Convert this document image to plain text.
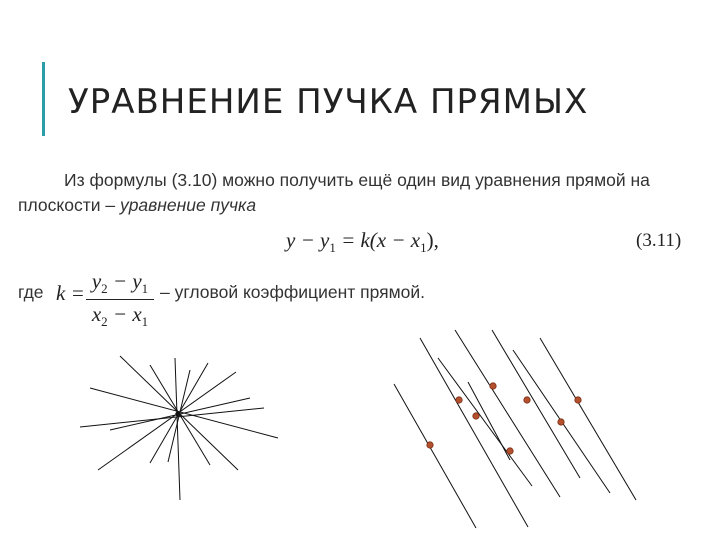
УРАВНЕНИЕ ПУЧКА ПРЯМЫХ
Из формулы (3.10) можно получить ещё один вид уравнения прямой на
плоскости – уравнение пучка
$y - y_1 = k(x - x_1)$,	(3.11)
где $k = \frac{y_2 - y_1}{x_2 - x_1}$ – угловой коэффициент прямой.
